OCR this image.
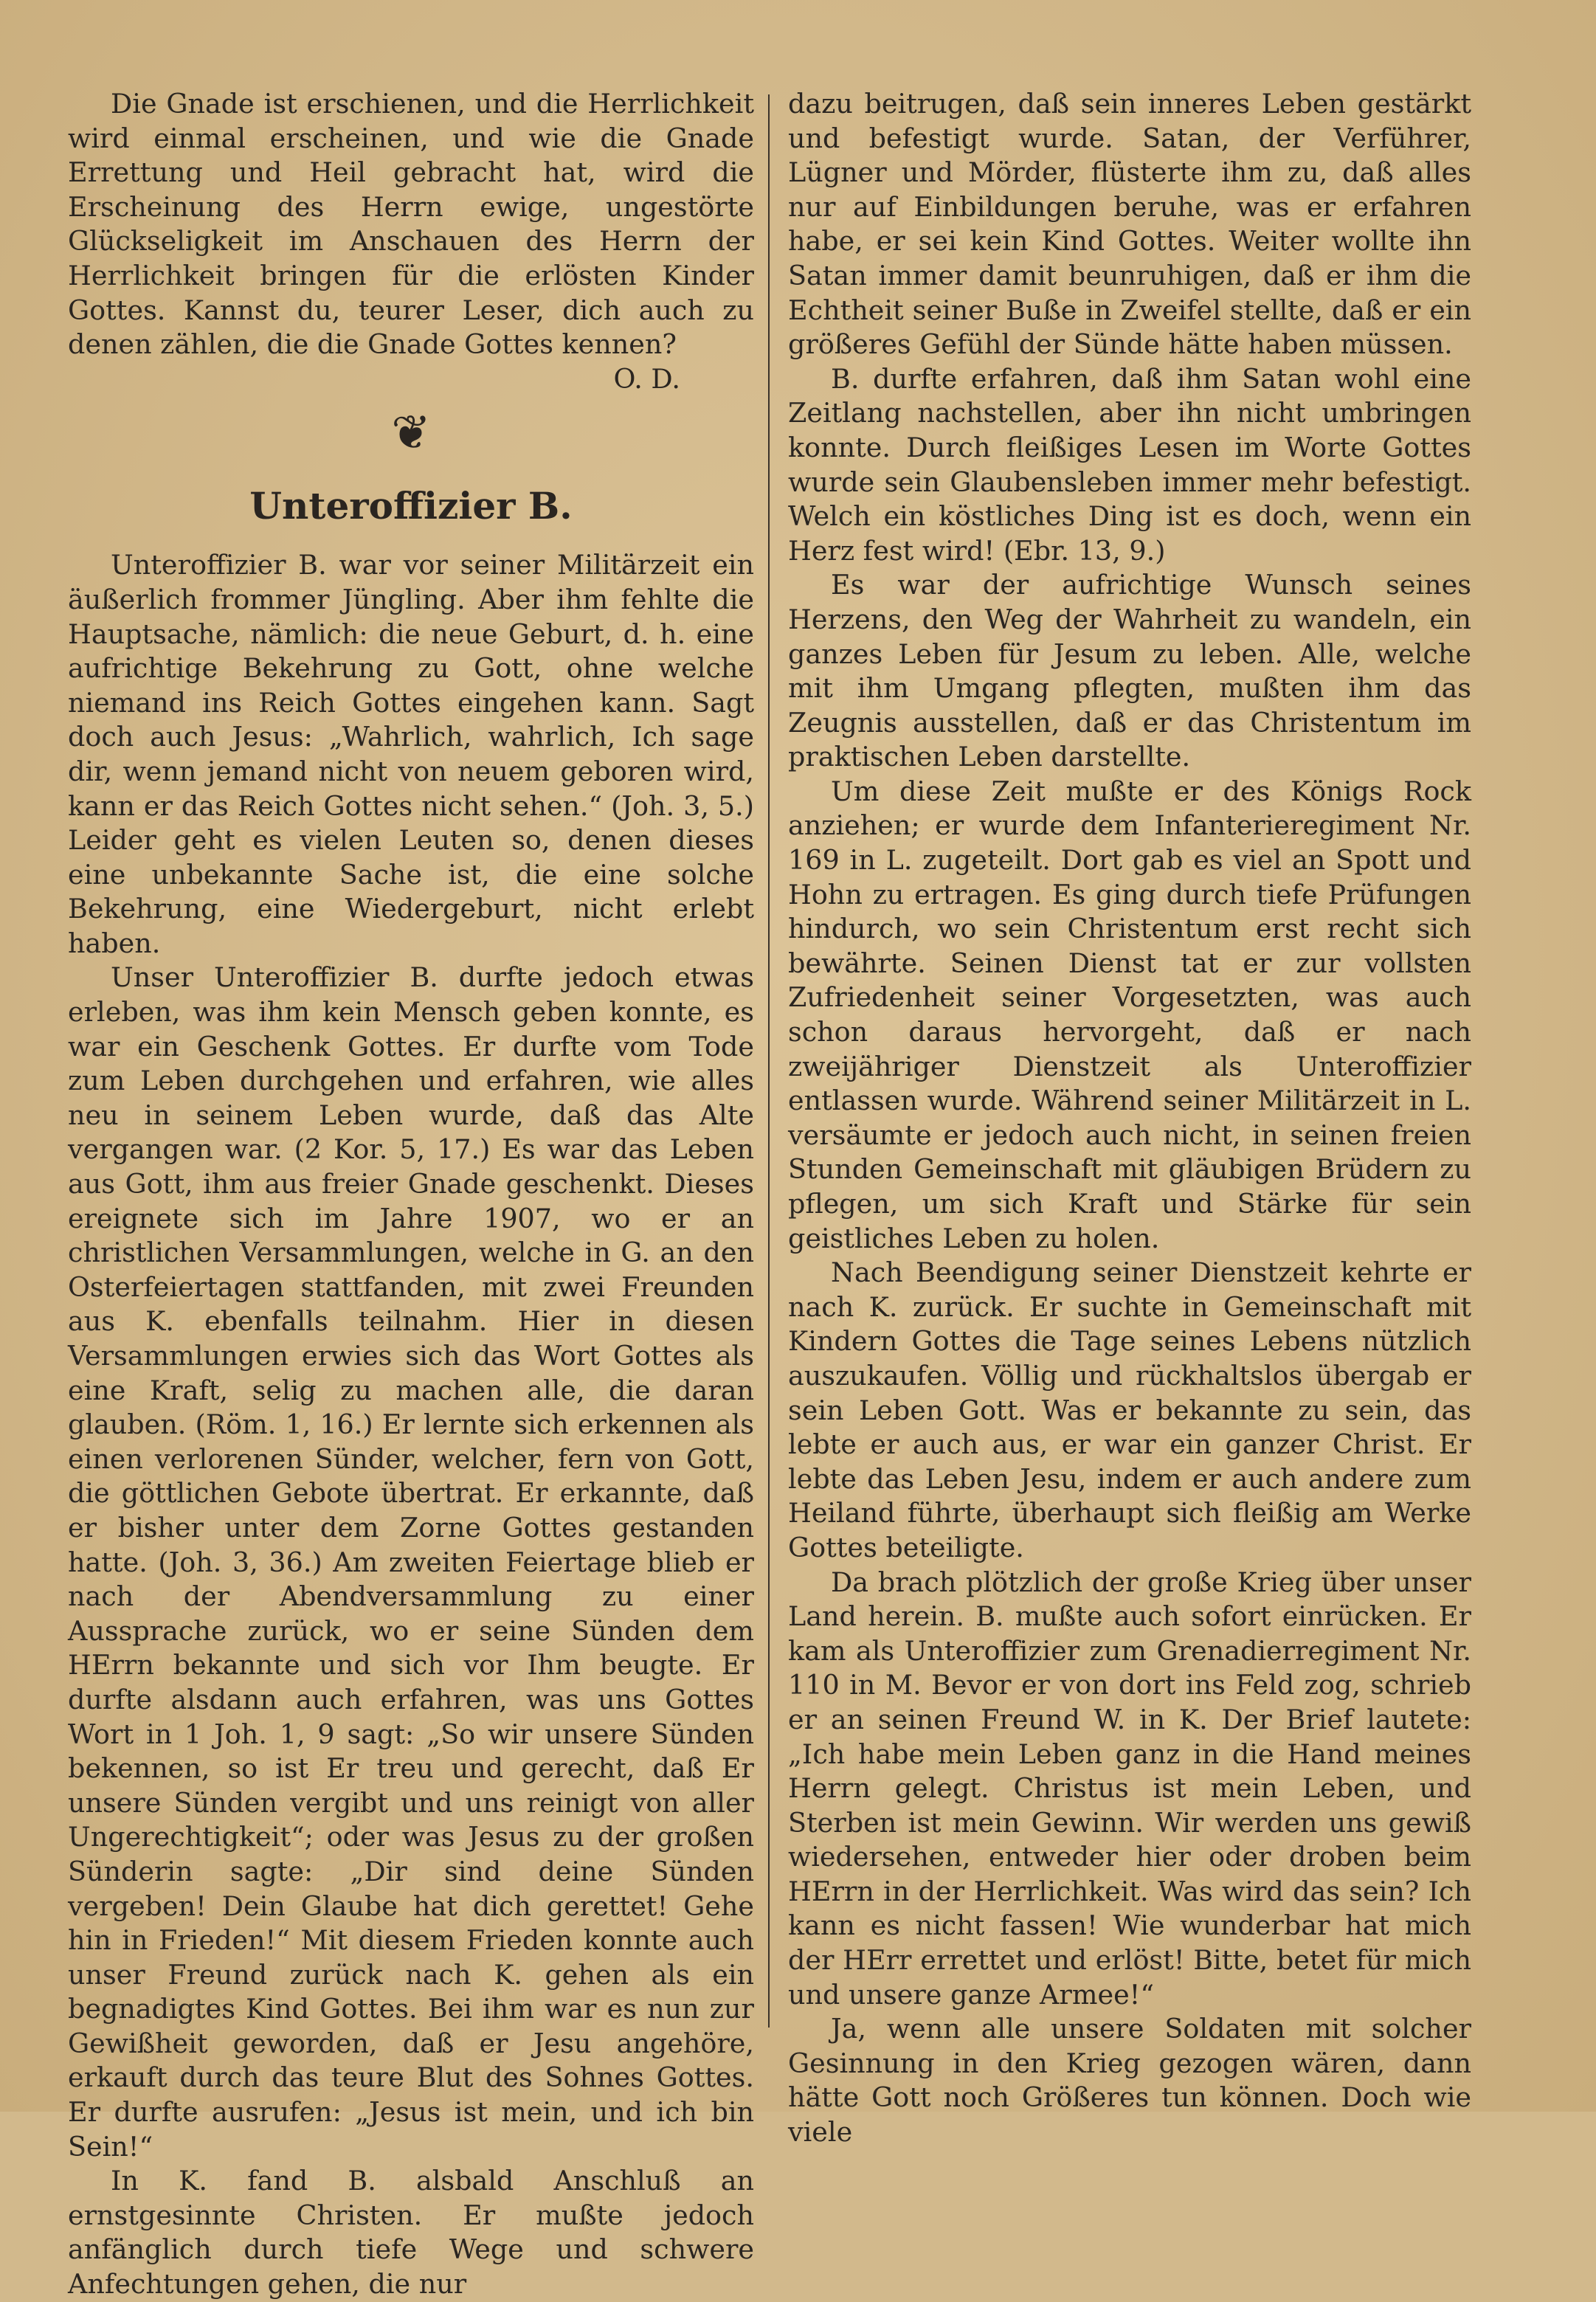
Die Gnade ist erschienen, und die Herrlichkeit wird einmal erscheinen, und wie die Gnade Errettung und Heil gebracht hat, wird die Erscheinung des Herrn ewige, ungestörte Glückseligkeit im Anschauen des Herrn der Herrlichkeit bringen für die erlösten Kinder Gottes. Kannst du, teurer Leser, dich auch zu denen zählen, die die Gnade Gottes kennen?

O. D.

❦
Unteroffizier B.

Unteroffizier B. war vor seiner Militärzeit ein äußerlich frommer Jüngling. Aber ihm fehlte die Hauptsache, nämlich: die neue Geburt, d. h. eine aufrichtige Bekehrung zu Gott, ohne welche niemand ins Reich Gottes eingehen kann. Sagt doch auch Jesus: „Wahrlich, wahrlich, Ich sage dir, wenn jemand nicht von neuem geboren wird, kann er das Reich Gottes nicht sehen.“ (Joh. 3, 5.) Leider geht es vielen Leuten so, denen dieses eine unbekannte Sache ist, die eine solche Bekehrung, eine Wiedergeburt, nicht erlebt haben.

Unser Unteroffizier B. durfte jedoch etwas erleben, was ihm kein Mensch geben konnte, es war ein Geschenk Gottes. Er durfte vom Tode zum Leben durchgehen und erfahren, wie alles neu in seinem Leben wurde, daß das Alte vergangen war. (2 Kor. 5, 17.) Es war das Leben aus Gott, ihm aus freier Gnade geschenkt. Dieses ereignete sich im Jahre 1907, wo er an christlichen Versammlungen, welche in G. an den Osterfeiertagen stattfanden, mit zwei Freunden aus K. ebenfalls teilnahm. Hier in diesen Versammlungen erwies sich das Wort Gottes als eine Kraft, selig zu machen alle, die daran glauben. (Röm. 1, 16.) Er lernte sich erkennen als einen verlorenen Sünder, welcher, fern von Gott, die göttlichen Gebote übertrat. Er erkannte, daß er bisher unter dem Zorne Gottes gestanden hatte. (Joh. 3, 36.) Am zweiten Feiertage blieb er nach der Abendversammlung zu einer Aussprache zurück, wo er seine Sünden dem HErrn bekannte und sich vor Ihm beugte. Er durfte alsdann auch erfahren, was uns Gottes Wort in 1 Joh. 1, 9 sagt: „So wir unsere Sünden bekennen, so ist Er treu und gerecht, daß Er unsere Sünden vergibt und uns reinigt von aller Ungerechtigkeit“; oder was Jesus zu der großen Sünderin sagte: „Dir sind deine Sünden vergeben! Dein Glaube hat dich gerettet! Gehe hin in Frieden!“ Mit diesem Frieden konnte auch unser Freund zurück nach K. gehen als ein begnadigtes Kind Gottes. Bei ihm war es nun zur Gewißheit geworden, daß er Jesu angehöre, erkauft durch das teure Blut des Sohnes Gottes. Er durfte ausrufen: „Jesus ist mein, und ich bin Sein!“

In K. fand B. alsbald Anschluß an ernstgesinnte Christen. Er mußte jedoch anfänglich durch tiefe Wege und schwere Anfechtungen gehen, die nur

dazu beitrugen, daß sein inneres Leben gestärkt und befestigt wurde. Satan, der Verführer, Lügner und Mörder, flüsterte ihm zu, daß alles nur auf Einbildungen beruhe, was er erfahren habe, er sei kein Kind Gottes. Weiter wollte ihn Satan immer damit beunruhigen, daß er ihm die Echtheit seiner Buße in Zweifel stellte, daß er ein größeres Gefühl der Sünde hätte haben müssen.

B. durfte erfahren, daß ihm Satan wohl eine Zeitlang nachstellen, aber ihn nicht umbringen konnte. Durch fleißiges Lesen im Worte Gottes wurde sein Glaubensleben immer mehr befestigt. Welch ein köstliches Ding ist es doch, wenn ein Herz fest wird! (Ebr. 13, 9.)

Es war der aufrichtige Wunsch seines Herzens, den Weg der Wahrheit zu wandeln, ein ganzes Leben für Jesum zu leben. Alle, welche mit ihm Umgang pflegten, mußten ihm das Zeugnis ausstellen, daß er das Christentum im praktischen Leben darstellte.

Um diese Zeit mußte er des Königs Rock anziehen; er wurde dem Infanterieregiment Nr. 169 in L. zugeteilt. Dort gab es viel an Spott und Hohn zu ertragen. Es ging durch tiefe Prüfungen hindurch, wo sein Christentum erst recht sich bewährte. Seinen Dienst tat er zur vollsten Zufriedenheit seiner Vorgesetzten, was auch schon daraus hervorgeht, daß er nach zweijähriger Dienstzeit als Unteroffizier entlassen wurde. Während seiner Militärzeit in L. versäumte er jedoch auch nicht, in seinen freien Stunden Gemeinschaft mit gläubigen Brüdern zu pflegen, um sich Kraft und Stärke für sein geistliches Leben zu holen.

Nach Beendigung seiner Dienstzeit kehrte er nach K. zurück. Er suchte in Gemeinschaft mit Kindern Gottes die Tage seines Lebens nützlich auszukaufen. Völlig und rückhaltslos übergab er sein Leben Gott. Was er bekannte zu sein, das lebte er auch aus, er war ein ganzer Christ. Er lebte das Leben Jesu, indem er auch andere zum Heiland führte, überhaupt sich fleißig am Werke Gottes beteiligte.

Da brach plötzlich der große Krieg über unser Land herein. B. mußte auch sofort einrücken. Er kam als Unteroffizier zum Grenadierregiment Nr. 110 in M. Bevor er von dort ins Feld zog, schrieb er an seinen Freund W. in K. Der Brief lautete: „Ich habe mein Leben ganz in die Hand meines Herrn gelegt. Christus ist mein Leben, und Sterben ist mein Gewinn. Wir werden uns gewiß wiedersehen, entweder hier oder droben beim HErrn in der Herrlichkeit. Was wird das sein? Ich kann es nicht fassen! Wie wunderbar hat mich der HErr errettet und erlöst! Bitte, betet für mich und unsere ganze Armee!“

Ja, wenn alle unsere Soldaten mit solcher Gesinnung in den Krieg gezogen wären, dann hätte Gott noch Größeres tun können. Doch wie viele
